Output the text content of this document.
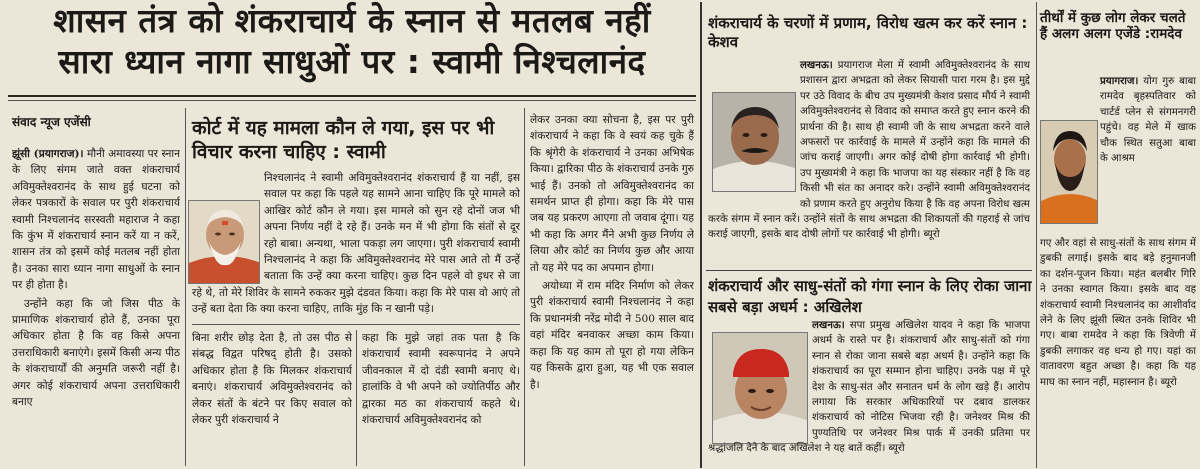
शासन तंत्र को शंकराचार्य के स्नान से मतलब नहीं
सारा ध्यान नागा साधुओं पर : स्वामी निश्चलानंद
संवाद न्यूज एजेंसी

झूंसी (प्रयागराज)। मौनी अमावस्या पर स्नान के लिए संगम जाते वक्त शंकराचार्य अविमुक्तेश्वरानंद के साथ हुई घटना को लेकर पत्रकारों के सवाल पर पुरी शंकराचार्य स्वामी निश्चलानंद सरस्वती महाराज ने कहा कि कुंभ में शंकराचार्य स्नान करें या न करें, शासन तंत्र को इसमें कोई मतलब नहीं होता है। उनका सारा ध्यान नागा साधुओं के स्नान पर ही होता है।

उन्होंने कहा कि जो जिस पीठ के प्रामाणिक शंकराचार्य होते हैं, उनका पूरा अधिकार होता है कि वह किसे अपना उत्तराधिकारी बनाएंगे। इसमें किसी अन्य पीठ के शंकराचार्यों की अनुमति जरूरी नहीं है। अगर कोई शंकराचार्य अपना उत्तराधिकारी बनाए

कोर्ट में यह मामला कौन ले गया, इस पर भी विचार करना चाहिए : स्वामी
निश्चलानंद ने स्वामी अविमुक्तेश्वरानंद शंकराचार्य हैं या नहीं, इस सवाल पर कहा कि पहले यह सामने आना चाहिए कि पूरे मामले को आखिर कोर्ट कौन ले गया। इस मामले को सुन रहे दोनों जज भी अपना निर्णय नहीं दे रहे हैं। उनके मन में भी होगा कि संतों से दूर रहो बाबा। अन्यथा, भाला पकड़ा लग जाएगा। पुरी शंकराचार्य स्वामी निश्चलानंद ने कहा कि अविमुक्तेश्वरानंद मेरे पास आते तो मैं उन्हें बताता कि उन्हें क्या करना चाहिए। कुछ दिन पहले वो इधर से जा रहे थे, तो मेरे शिविर के सामने रुककर मुझे दंडवत किया। कहा कि मेरे पास वो आएं तो उन्हें बता देता कि क्या करना चाहिए, ताकि मुंह कि न खानी पड़े।
बिना शरीर छोड़ देता है, तो उस पीठ से संबद्ध विद्वत परिषद् होती है। उसको अधिकार होता है कि मिलकर शंकराचार्य बनाएं। शंकराचार्य अविमुक्तेश्वरानंद को लेकर संतों के बंटने पर किए सवाल को लेकर पुरी शंकराचार्य ने
कहा कि मुझे जहां तक पता है कि शंकराचार्य स्वामी स्वरूपानंद ने अपने जीवनकाल में दो दंडी स्वामी बनाए थे। हालांकि वे भी अपने को ज्योतिर्पीठ और द्वारका मठ का शंकराचार्य कहते थे। शंकराचार्य अविमुक्तेश्वरानंद को

लेकर उनका क्या सोचना है, इस पर पुरी शंकराचार्य ने कहा कि वे स्वयं कह चुके हैं कि श्रृंगेरी के शंकराचार्य ने उनका अभिषेक किया। द्वारिका पीठ के शंकराचार्य उनके गुरु भाई हैं। उनको तो अविमुक्तेश्वरानंद का समर्थन प्राप्त ही होगा। कहा कि मेरे पास जब यह प्रकरण आएगा तो जवाब दूंगा। यह भी कहा कि अगर मैंने अभी कुछ निर्णय ले लिया और कोर्ट का निर्णय कुछ और आया तो यह मेरे पद का अपमान होगा।

अयोध्या में राम मंदिर निर्माण को लेकर पुरी शंकराचार्य स्वामी निश्चलानंद ने कहा कि प्रधानमंत्री नरेंद्र मोदी ने 500 साल बाद वहां मंदिर बनवाकर अच्छा काम किया। कहा कि यह काम तो पूरा हो गया लेकिन यह किसके द्वारा हुआ, यह भी एक सवाल है।

शंकराचार्य के चरणों में प्रणाम, विरोध खत्म कर करें स्नान : केशव
लखनऊ। प्रयागराज मेला में स्वामी अविमुक्तेश्वरानंद के साथ प्रशासन द्वारा अभद्रता को लेकर सियासी पारा गरम है। इस मुद्दे पर उठे विवाद के बीच उप मुख्यमंत्री केशव प्रसाद मौर्य ने स्वामी अविमुक्तेश्वरानंद से विवाद को समाप्त करते हुए स्नान करने की प्रार्थना की है। साथ ही स्वामी जी के साथ अभद्रता करने वाले अफसरों पर कार्रवाई के मामले में उन्होंने कहा कि मामले की जांच कराई जाएगी। अगर कोई दोषी होगा कार्रवाई भी होगी। उप मुख्यमंत्री ने कहा कि भाजपा का यह संस्कार नहीं है कि वह किसी भी संत का अनादर करे। उन्होंने स्वामी अविमुक्तेश्वरानंद को प्रणाम करते हुए अनुरोध किया है कि वह अपना विरोध खत्म करके संगम में स्नान करें। उन्होंने संतों के साथ अभद्रता की शिकायतों की गहराई से जांच कराई जाएगी, इसके बाद दोषी लोगों पर कार्रवाई भी होगी। ब्यूरो
शंकराचार्य और साधु-संतों को गंगा स्नान के लिए रोका जाना सबसे बड़ा अधर्म : अखिलेश
लखनऊ। सपा प्रमुख अखिलेश यादव ने कहा कि भाजपा अधर्म के रास्ते पर है। शंकराचार्य और साधु-संतों को गंगा स्नान से रोका जाना सबसे बड़ा अधर्म है। उन्होंने कहा कि शंकराचार्य का पूरा सम्मान होना चाहिए। उनके पक्ष में पूरे देश के साधु-संत और सनातन धर्म के लोग खड़े हैं। आरोप लगाया कि सरकार अधिकारियों पर दबाव डालकर शंकराचार्य को नोटिस भिजवा रही है। जनेश्वर मिश्र की पुण्यतिथि पर जनेश्वर मिश्र पार्क में उनकी प्रतिमा पर श्रद्धांजलि देने के बाद अखिलेश ने यह बातें कहीं। ब्यूरो
तीर्थों में कुछ लोग लेकर चलते हैं अलग अलग एजेंडे :रामदेव
प्रयागराज। योग गुरु बाबा रामदेव बृहस्पतिवार को चार्टर्ड प्लेन से संगमनगरी पहुंचे। वह मेले में खाक चौक स्थित सतुआ बाबा के आश्रम
गए और वहां से साधु-संतों के साथ संगम में डुबकी लगाई। इसके बाद बड़े हनुमानजी का दर्शन-पूजन किया। महंत बलबीर गिरि ने उनका स्वागत किया। इसके बाद वह शंकराचार्य स्वामी निश्चलानंद का आशीर्वाद लेने के लिए झूंसी स्थित उनके शिविर भी गए। बाबा रामदेव ने कहा कि त्रिवेणी में डुबकी लगाकर वह धन्य हो गए। यहां का वातावरण बहुत अच्छा है। कहा कि यह माघ का स्नान नहीं, महास्नान है। ब्यूरो
